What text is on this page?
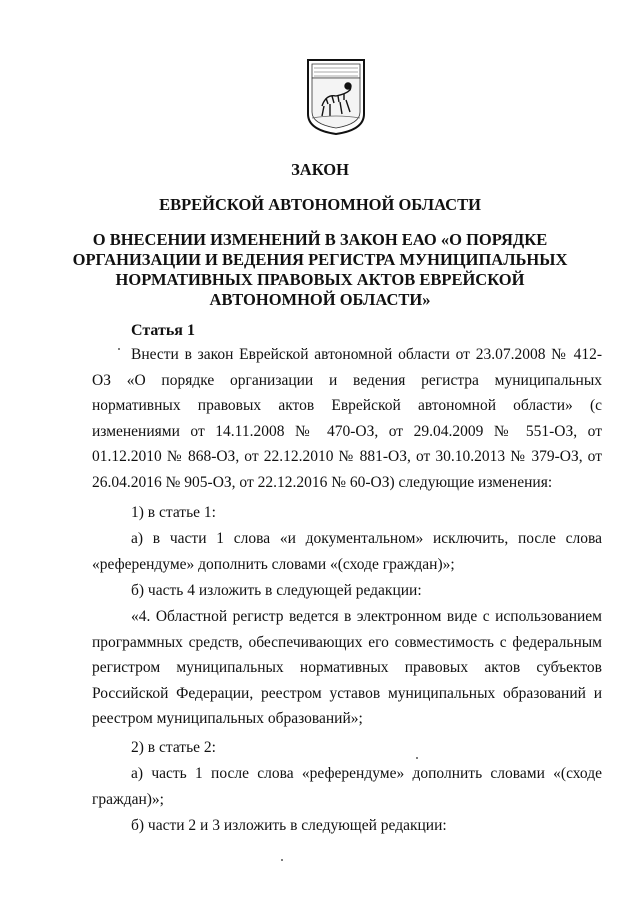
ЗАКОН
ЕВРЕЙСКОЙ АВТОНОМНОЙ ОБЛАСТИ
О ВНЕСЕНИИ ИЗМЕНЕНИЙ В ЗАКОН ЕАО «О ПОРЯДКЕ
ОРГАНИЗАЦИИ И ВЕДЕНИЯ РЕГИСТРА МУНИЦИПАЛЬНЫХ
НОРМАТИВНЫХ ПРАВОВЫХ АКТОВ ЕВРЕЙСКОЙ
АВТОНОМНОЙ ОБЛАСТИ»
Статья 1
Внести в закон Еврейской автономной области от 23.07.2008 № 412-ОЗ «О порядке организации и ведения регистра муниципальных нормативных правовых актов Еврейской автономной области» (с изменениями от 14.11.2008 № 470-ОЗ, от 29.04.2009 № 551-ОЗ, от 01.12.2010 № 868-ОЗ, от 22.12.2010 № 881-ОЗ, от 30.10.2013 № 379-ОЗ, от 26.04.2016 № 905-ОЗ, от 22.12.2016 № 60-ОЗ) следующие изменения:
1) в статье 1:
а) в части 1 слова «и документальном» исключить, после слова «референдуме» дополнить словами «(сходе граждан)»;
б) часть 4 изложить в следующей редакции:
«4. Областной регистр ведется в электронном виде с использованием программных средств, обеспечивающих его совместимость с федеральным регистром муниципальных нормативных правовых актов субъектов Российской Федерации, реестром уставов муниципальных образований и реестром муниципальных образований»;
2) в статье 2:
а) часть 1 после слова «референдуме» дополнить словами «(сходе граждан)»;
б) части 2 и 3 изложить в следующей редакции:
